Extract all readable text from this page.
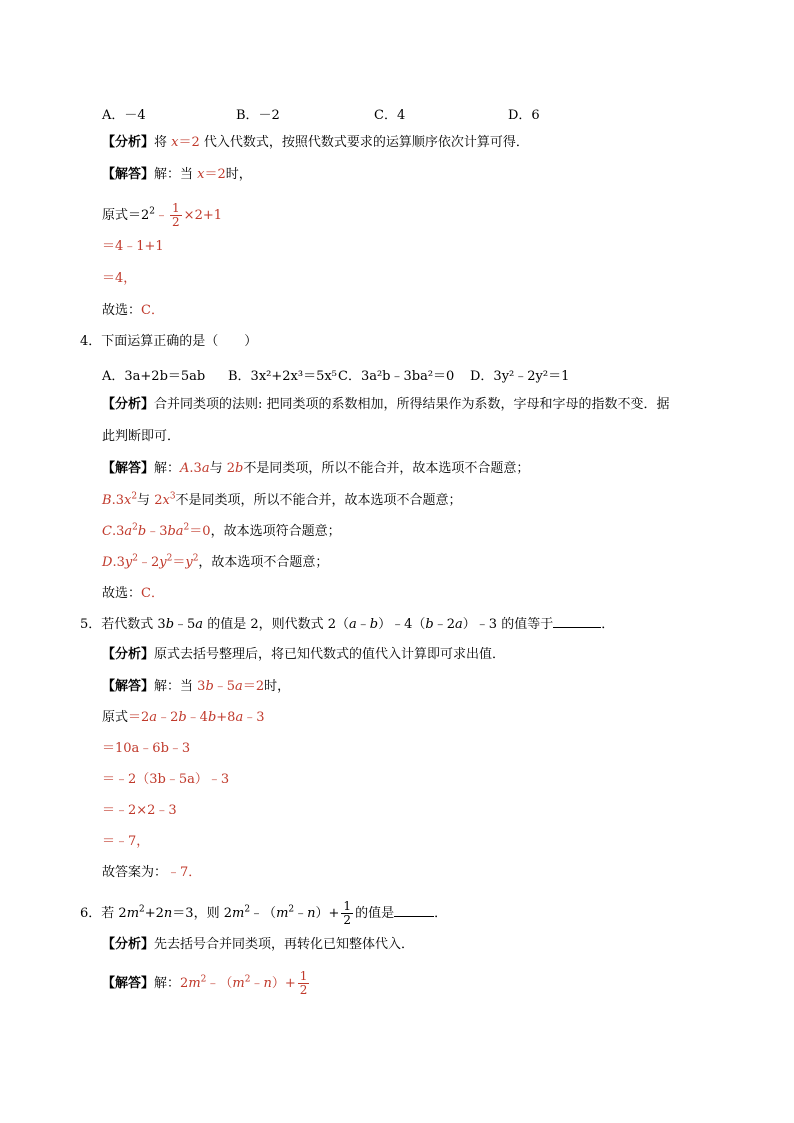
A．－4	B．－2	C．4	D．6
【分析】将 x＝2 代入代数式，按照代数式要求的运算顺序依次计算可得．
【解答】解：当 x＝2时，
原式$=2^2﹣ \frac{1}{2} \times 2+1$
＝4﹣1+1
＝4，
故选：C．
4．下面运算正确的是（　　）
A．3a+2b＝5ab B．3x²+2x³＝5x⁵ C．3a²b﹣3ba²＝0 D．3y²﹣2y²＝1
【分析】合并同类项的法则: 把同类项的系数相加，所得结果作为系数，字母和字母的指数不变．据
此判断即可．
【解答】解：A.3a与 2b不是同类项，所以不能合并，故本选项不合题意；
$B.3x^2$与 $2x^3$不是同类项，所以不能合并，故本选项不合题意；
$C.3a^2b﹣3ba^2=0$，故本选项符合题意；
$D.3y^2﹣2y^2=y^2$，故本选项不合题意；
故选：C．
5．若代数式 3b﹣5a 的值是 2，则代数式 2（a﹣b）﹣4（b﹣2a）﹣3 的值等于	．
【分析】原式去括号整理后，将已知代数式的值代入计算即可求出值．
【解答】解：当 3b﹣5a＝2时，
原式＝2a﹣2b﹣4b+8a﹣3
＝10a﹣6b﹣3
＝﹣2（3b﹣5a）﹣3
＝﹣2×2﹣3
＝﹣7，
故答案为：﹣7．
6．若 $2m^2+2n=3$，则 $2m^2﹣(m^2﹣n)+ \frac{1}{2}$ 的值是	．
【分析】先去括号合并同类项，再转化已知整体代入．
【解答】解：$2m^2﹣(m^2﹣n)+ \frac{1}{2}$
